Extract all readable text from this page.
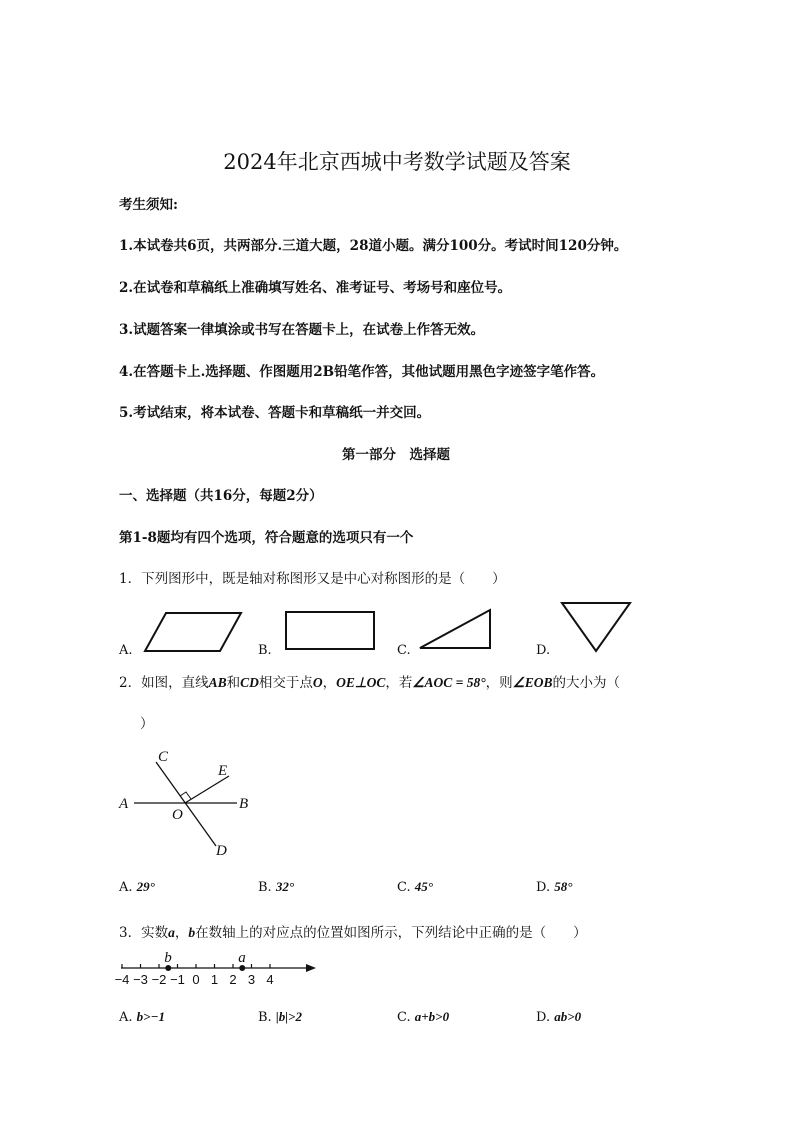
2024年北京西城中考数学试题及答案
考生须知:
1.本试卷共6页，共两部分.三道大题，28道小题。满分100分。考试时间120分钟。
2.在试卷和草稿纸上准确填写姓名、准考证号、考场号和座位号。
3.试题答案一律填涂或书写在答题卡上，在试卷上作答无效。
4.在答题卡上.选择题、作图题用2B铅笔作答，其他试题用黑色字迹签字笔作答。
5.考试结束，将本试卷、答题卡和草稿纸一并交回。
第一部分　选择题
一、选择题（共16分，每题2分）
第1-8题均有四个选项，符合题意的选项只有一个
1．下列图形中，既是轴对称图形又是中心对称图形的是（　　）
A.	B.	C.	D.
2．如图，直线AB和CD相交于点O，OE⊥OC，若∠AOC = 58°，则∠EOB的大小为（
）
A	B
C
D
E
O
A. 29°	B. 32°	C. 45°	D. 58°
3．实数a，b在数轴上的对应点的位置如图所示，下列结论中正确的是（　　）
−4 −3 −2 −1 0 1 2 3 4
b	a
A. b>−1	B. |b|>2	C. a+b>0	D. ab>0
